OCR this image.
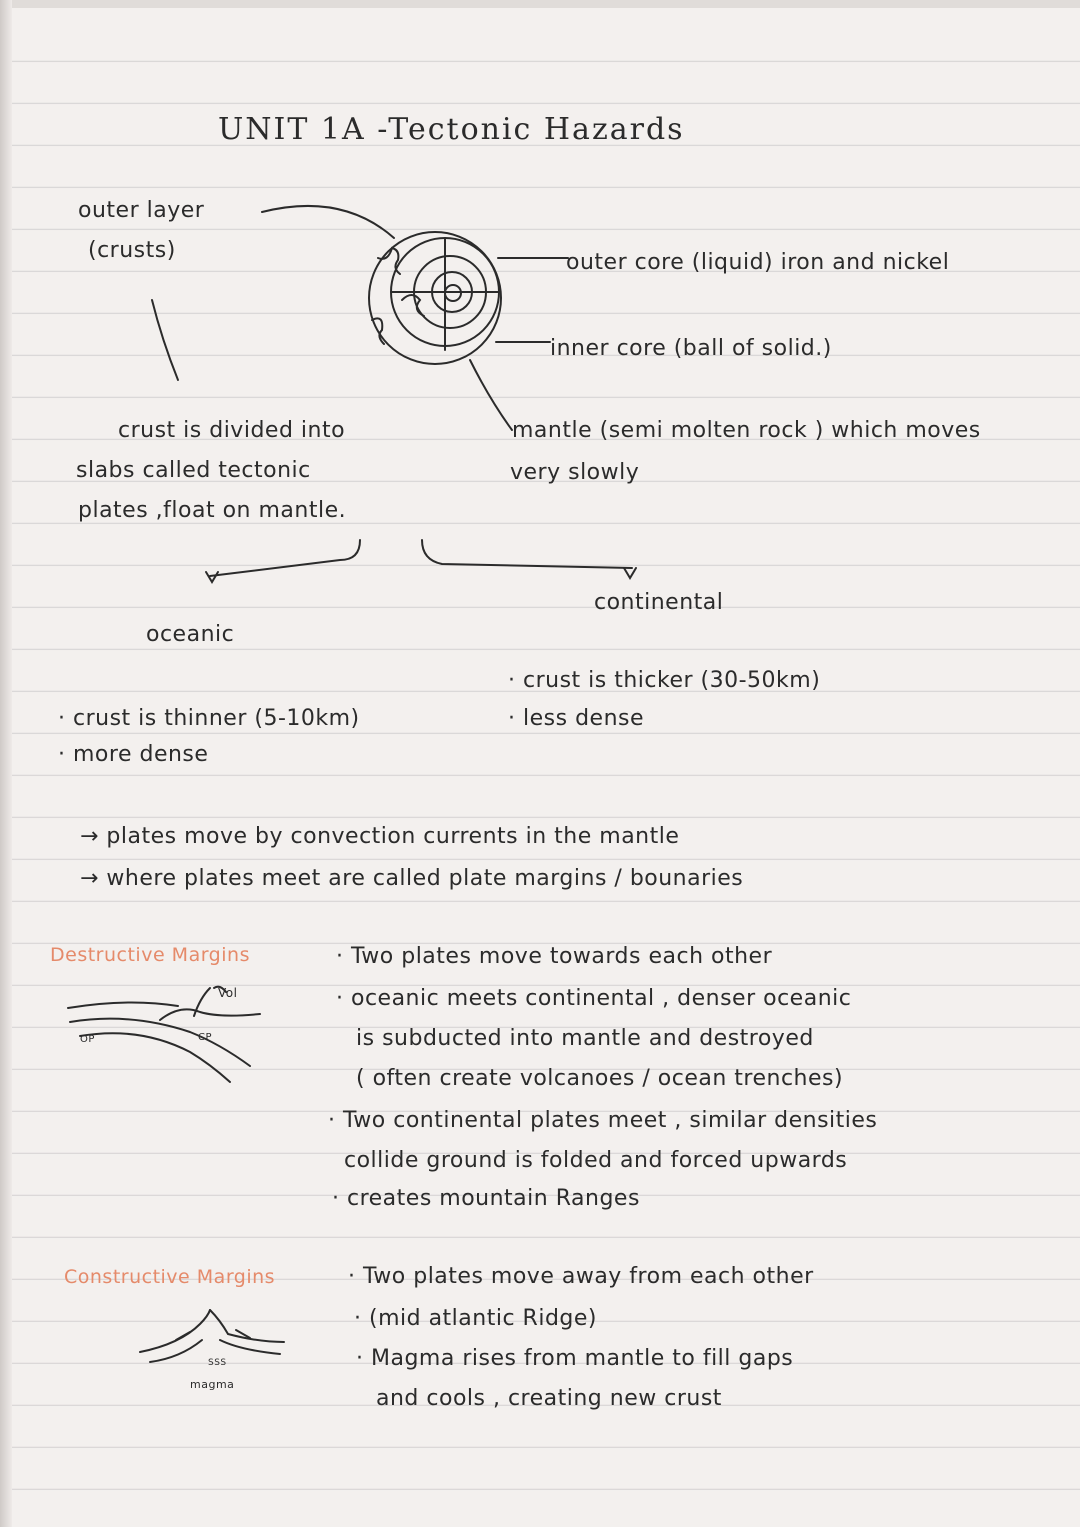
UNIT 1A -Tectonic Hazards
outer layer
(crusts)	outer core (liquid) iron and nickel
inner core (ball of solid.)
mantle (semi molten rock ) which moves
very slowly
crust is divided into
slabs called tectonic
plates ,float on mantle.
oceanic
continental
· crust is thinner (5-10km)
· more dense
· crust is thicker (30-50km)
· less dense
→ plates move by convection currents in the mantle
→ where plates meet are called plate margins / bounaries
Destructive Margins	· Two plates move towards each other
· oceanic meets continental , denser oceanic
is subducted into mantle and destroyed
( often create volcanoes / ocean trenches)
· Two continental plates meet , similar densities
collide ground is folded and forced upwards
· creates mountain Ranges
Vol
OP	CP
Constructive Margins	· Two plates move away from each other
· (mid atlantic Ridge)
· Magma rises from mantle to fill gaps
and cools , creating new crust
SSS
magma
